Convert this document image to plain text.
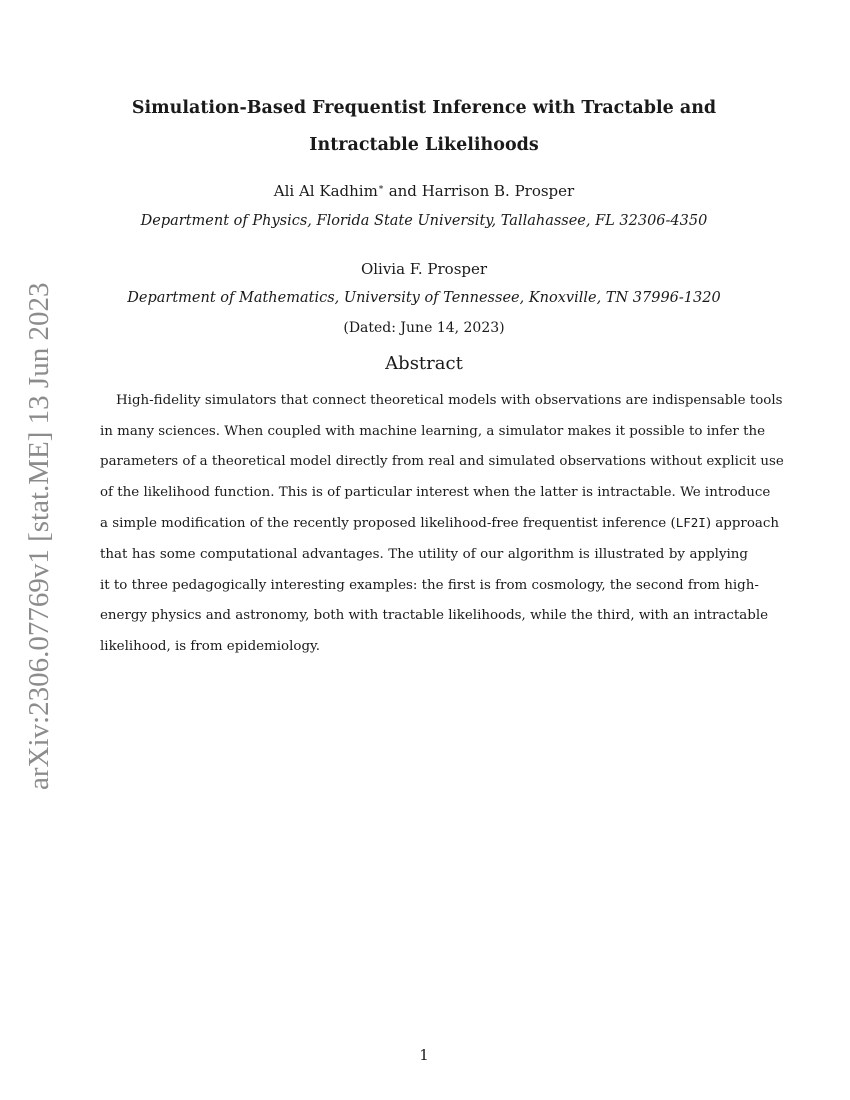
arXiv:2306.07769v1 [stat.ME] 13 Jun 2023
Simulation-Based Frequentist Inference with Tractable and
Intractable Likelihoods
Ali Al Kadhim∗ and Harrison B. Prosper
Department of Physics, Florida State University, Tallahassee, FL 32306-4350
Olivia F. Prosper
Department of Mathematics, University of Tennessee, Knoxville, TN 37996-1320
(Dated: June 14, 2023)
Abstract
High-fidelity simulators that connect theoretical models with observations are indispensable tools
in many sciences. When coupled with machine learning, a simulator makes it possible to infer the
parameters of a theoretical model directly from real and simulated observations without explicit use
of the likelihood function. This is of particular interest when the latter is intractable. We introduce
a simple modification of the recently proposed likelihood-free frequentist inference (LF2I) approach
that has some computational advantages. The utility of our algorithm is illustrated by applying
it to three pedagogically interesting examples: the first is from cosmology, the second from high-
energy physics and astronomy, both with tractable likelihoods, while the third, with an intractable
likelihood, is from epidemiology.
1
